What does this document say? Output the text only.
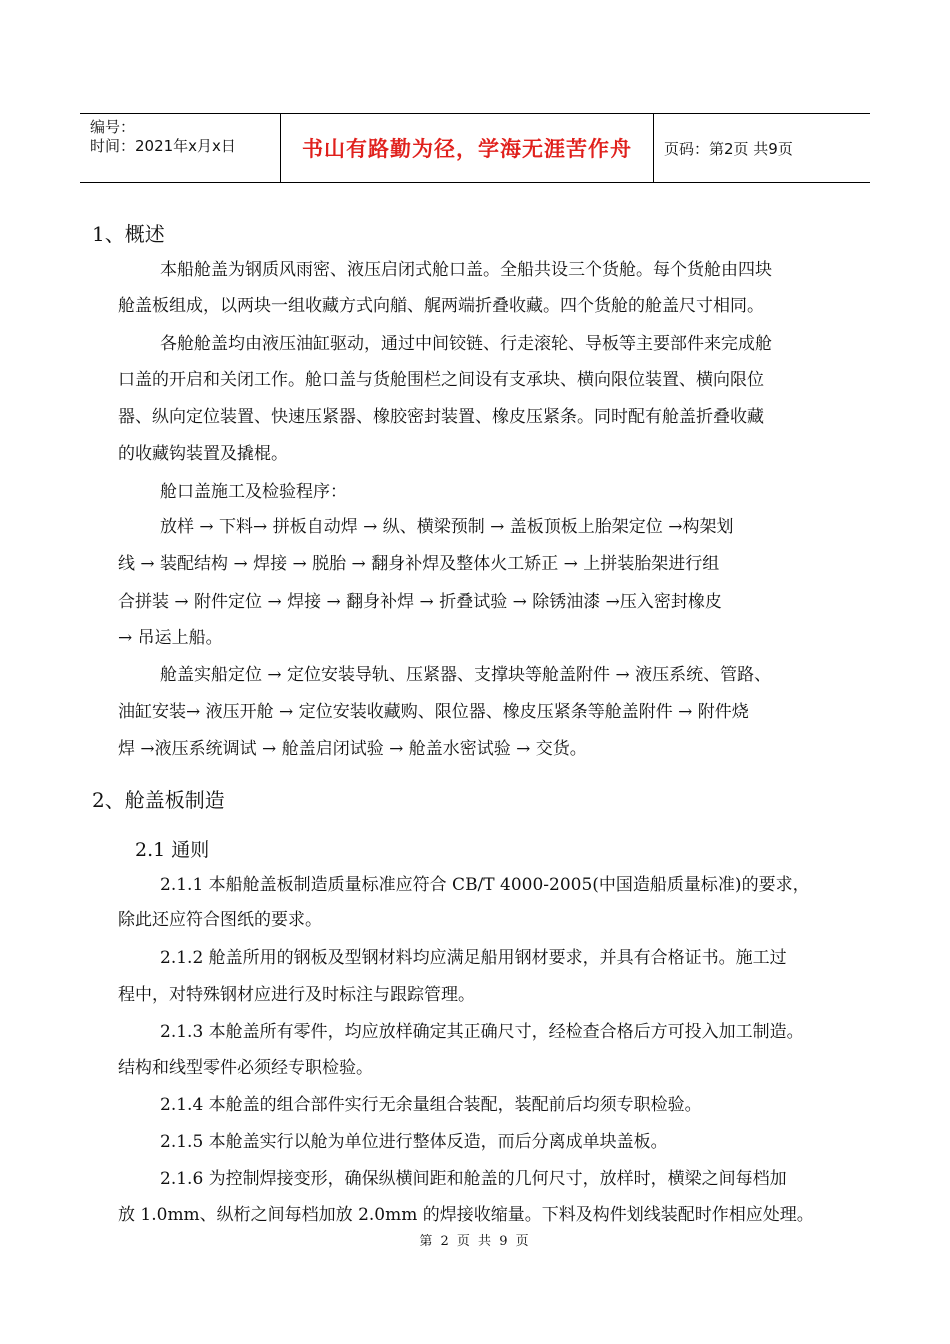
编号：
时间：2021年x月x日	书山有路勤为径，学海无涯苦作舟	页码：第2页 共9页
1、概述
本船舱盖为钢质风雨密、液压启闭式舱口盖。全船共设三个货舱。每个货舱由四块
舱盖板组成，以两块一组收藏方式向艏、艉两端折叠收藏。四个货舱的舱盖尺寸相同。
各舱舱盖均由液压油缸驱动，通过中间铰链、行走滚轮、导板等主要部件来完成舱
口盖的开启和关闭工作。舱口盖与货舱围栏之间设有支承块、横向限位装置、横向限位
器、纵向定位装置、快速压紧器、橡胶密封装置、橡皮压紧条。同时配有舱盖折叠收藏
的收藏钩装置及撬棍。
舱口盖施工及检验程序：
放样 → 下料→ 拼板自动焊 → 纵、横梁预制 → 盖板顶板上胎架定位 →构架划
线 → 装配结构 → 焊接 → 脱胎 → 翻身补焊及整体火工矫正 → 上拼装胎架进行组
合拼装 → 附件定位 → 焊接 → 翻身补焊 → 折叠试验 → 除锈油漆 →压入密封橡皮
→ 吊运上船。
舱盖实船定位 → 定位安装导轨、压紧器、支撑块等舱盖附件 → 液压系统、管路、
油缸安装→ 液压开舱 → 定位安装收藏购、限位器、橡皮压紧条等舱盖附件 → 附件烧
焊 →液压系统调试 → 舱盖启闭试验 → 舱盖水密试验 → 交货。
2、舱盖板制造
2.1 通则
2.1.1 本船舱盖板制造质量标准应符合 CB/T 4000-2005(中国造船质量标准)的要求，
除此还应符合图纸的要求。
2.1.2 舱盖所用的钢板及型钢材料均应满足船用钢材要求，并具有合格证书。施工过
程中，对特殊钢材应进行及时标注与跟踪管理。
2.1.3 本舱盖所有零件，均应放样确定其正确尺寸，经检查合格后方可投入加工制造。
结构和线型零件必须经专职检验。
2.1.4 本舱盖的组合部件实行无余量组合装配，装配前后均须专职检验。
2.1.5 本舱盖实行以舱为单位进行整体反造，而后分离成单块盖板。
2.1.6 为控制焊接变形，确保纵横间距和舱盖的几何尺寸，放样时，横梁之间每档加
放 1.0mm、纵桁之间每档加放 2.0mm 的焊接收缩量。下料及构件划线装配时作相应处理。
第 2 页 共 9 页
